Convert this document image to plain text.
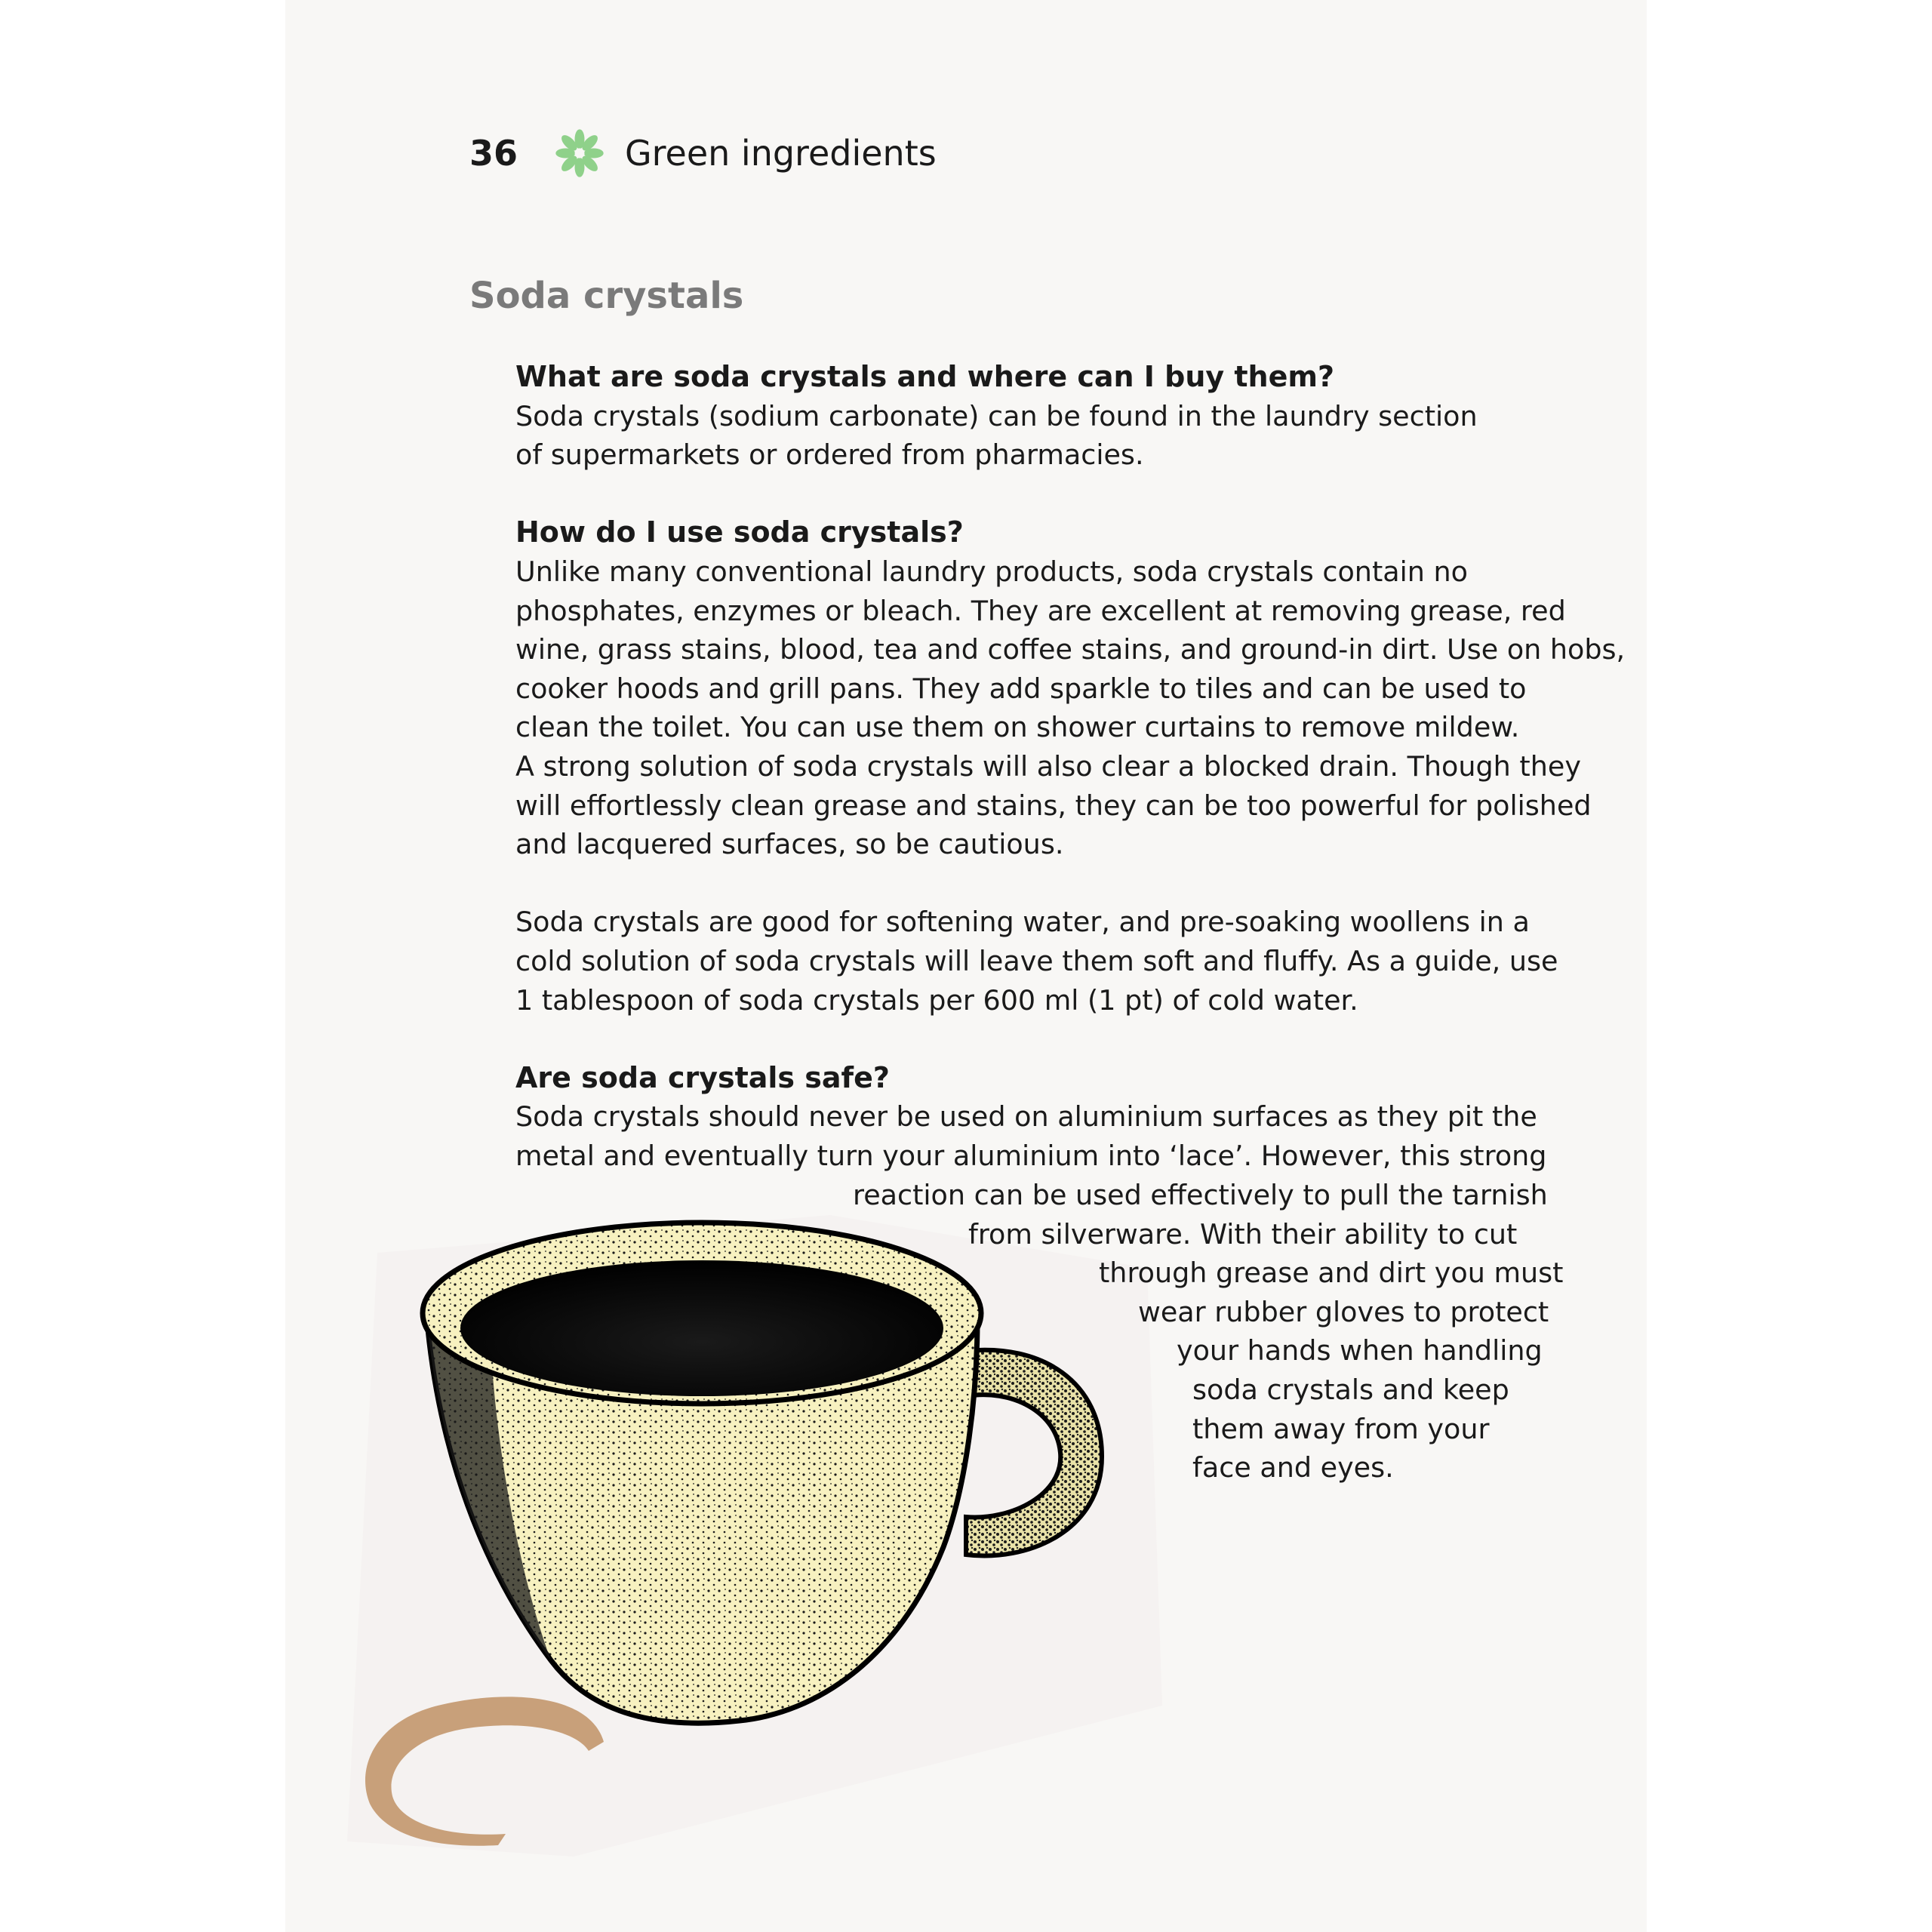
36	Green ingredients
Soda crystals
What are soda crystals and where can I buy them?
Soda crystals (sodium carbonate) can be found in the laundry section
of supermarkets or ordered from pharmacies.
How do I use soda crystals?
Unlike many conventional laundry products, soda crystals contain no
phosphates, enzymes or bleach. They are excellent at removing grease, red
wine, grass stains, blood, tea and coffee stains, and ground-in dirt. Use on hobs,
cooker hoods and grill pans. They add sparkle to tiles and can be used to
clean the toilet. You can use them on shower curtains to remove mildew.
A strong solution of soda crystals will also clear a blocked drain. Though they
will effortlessly clean grease and stains, they can be too powerful for polished
and lacquered surfaces, so be cautious.
Soda crystals are good for softening water, and pre-soaking woollens in a
cold solution of soda crystals will leave them soft and fluffy. As a guide, use
1 tablespoon of soda crystals per 600 ml (1 pt) of cold water.
Are soda crystals safe?
Soda crystals should never be used on aluminium surfaces as they pit the
metal and eventually turn your aluminium into ‘lace’. However, this strong
reaction can be used effectively to pull the tarnish
from silverware. With their ability to cut
through grease and dirt you must
wear rubber gloves to protect
your hands when handling
soda crystals and keep
them away from your
face and eyes.
